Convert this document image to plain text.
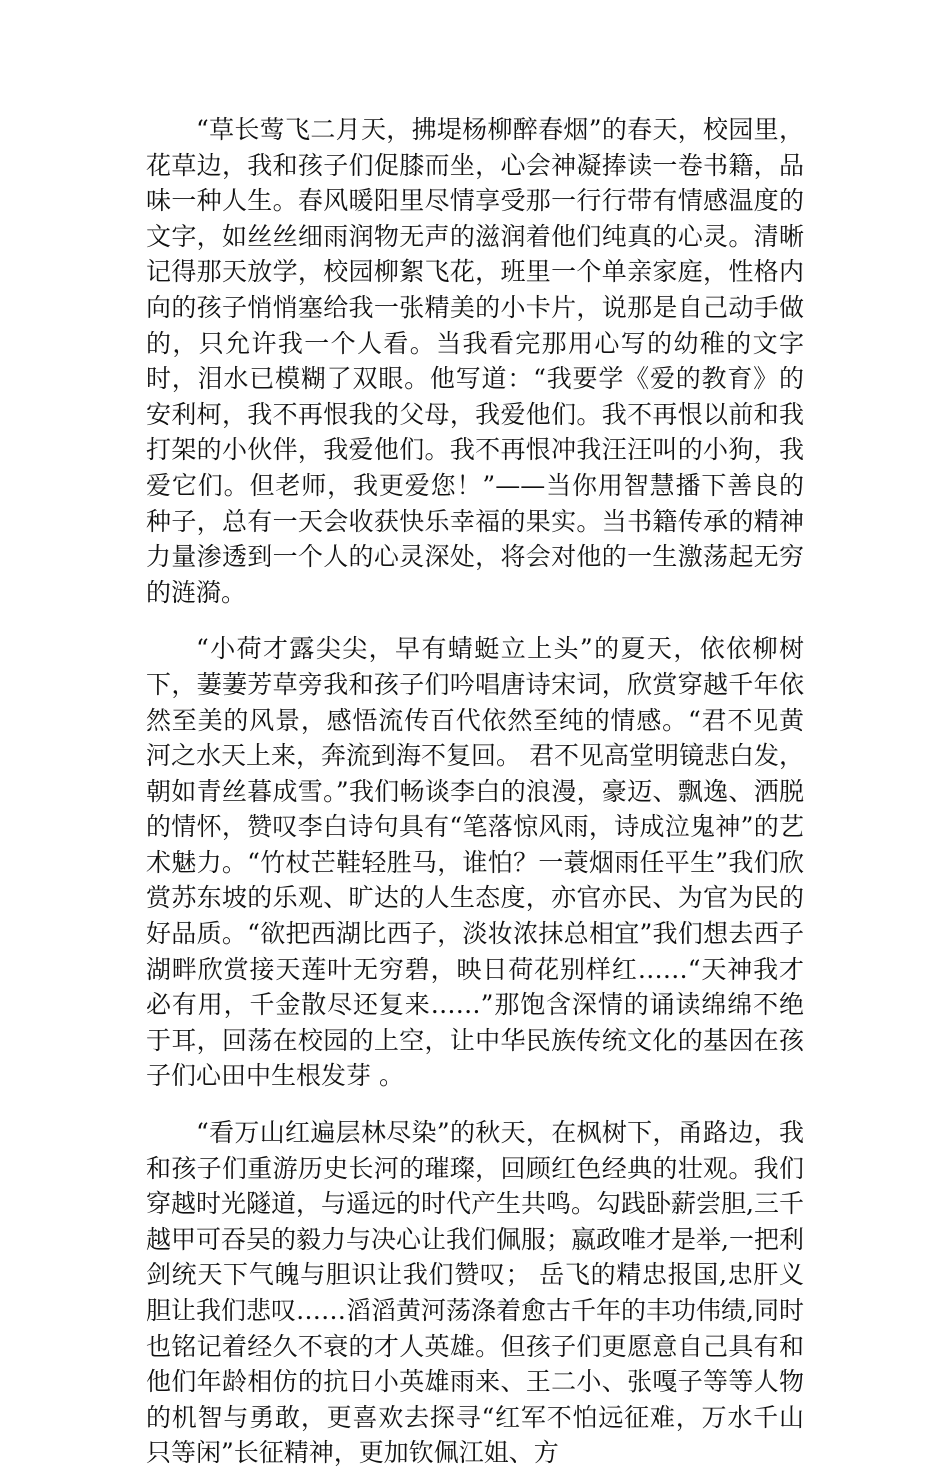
“草长莺飞二月天，拂堤杨柳醉春烟”的春天，校园里，花草边，我和孩子们促膝而坐，心会神凝捧读一卷书籍，品味一种人生。春风暖阳里尽情享受那一行行带有情感温度的文字，如丝丝细雨润物无声的滋润着他们纯真的心灵。清晰记得那天放学，校园柳絮飞花，班里一个单亲家庭，性格内向的孩子悄悄塞给我一张精美的小卡片，说那是自己动手做的，只允许我一个人看。当我看完那用心写的幼稚的文字时，泪水已模糊了双眼。他写道：“我要学《爱的教育》的安利柯，我不再恨我的父母，我爱他们。我不再恨以前和我打架的小伙伴，我爱他们。我不再恨冲我汪汪叫的小狗，我爱它们。但老师，我更爱您！”——当你用智慧播下善良的种子，总有一天会收获快乐幸福的果实。当书籍传承的精神力量渗透到一个人的心灵深处，将会对他的一生激荡起无穷的涟漪。

“小荷才露尖尖，早有蜻蜓立上头”的夏天，依依柳树下，萋萋芳草旁我和孩子们吟唱唐诗宋词，欣赏穿越千年依然至美的风景，感悟流传百代依然至纯的情感。“君不见黄河之水天上来，奔流到海不复回。 君不见高堂明镜悲白发，朝如青丝暮成雪。”我们畅谈李白的浪漫，豪迈、飘逸、洒脱的情怀，赞叹李白诗句具有“笔落惊风雨，诗成泣鬼神”的艺术魅力。“竹杖芒鞋轻胜马，谁怕？一蓑烟雨任平生”我们欣赏苏东坡的乐观、旷达的人生态度，亦官亦民、为官为民的好品质。“欲把西湖比西子，淡妆浓抹总相宜”我们想去西子湖畔欣赏接天莲叶无穷碧，映日荷花别样红……“天神我才必有用，千金散尽还复来……”那饱含深情的诵读绵绵不绝于耳，回荡在校园的上空，让中华民族传统文化的基因在孩子们心田中生根发芽 。

“看万山红遍层林尽染”的秋天，在枫树下，甬路边，我和孩子们重游历史长河的璀璨，回顾红色经典的壮观。我们穿越时光隧道，与遥远的时代产生共鸣。勾践卧薪尝胆,三千越甲可吞吴的毅力与决心让我们佩服；嬴政唯才是举,一把利剑统天下气魄与胆识让我们赞叹； 岳飞的精忠报国,忠肝义胆让我们悲叹……滔滔黄河荡涤着愈古千年的丰功伟绩,同时也铭记着经久不衰的才人英雄。但孩子们更愿意自己具有和他们年龄相仿的抗日小英雄雨来、王二小、张嘎子等等人物的机智与勇敢，更喜欢去探寻“红军不怕远征难，万水千山只等闲”长征精神，更加钦佩江姐、方
